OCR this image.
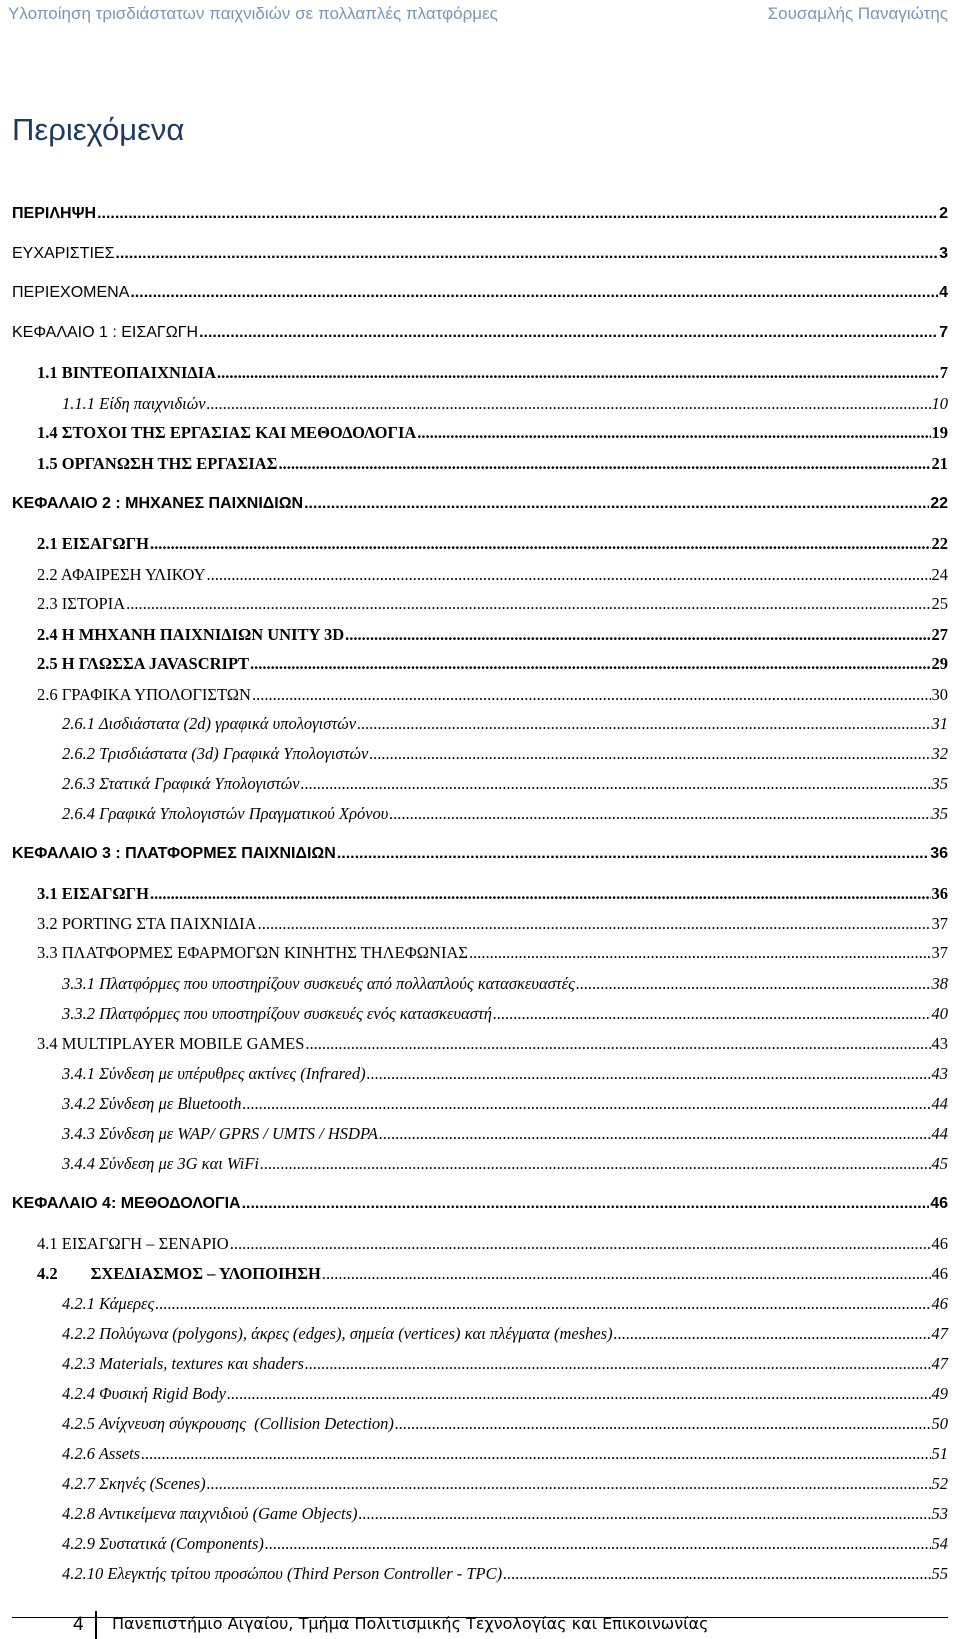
Υλοποίηση τρισδιάστατων παιχνιδιών σε πολλαπλές πλατφόρμες	Σουσαμλής Παναγιώτης
Περιεχόμενα
ΠΕΡΙΛΗΨΗ .....	2
ΕΥΧΑΡΙΣΤΙΕΣ .....	3
ΠΕΡΙΕΧΟΜΕΝΑ .....	4
ΚΕΦΑΛΑΙΟ 1 : ΕΙΣΑΓΩΓΗ .....	7
1.1 ΒΙΝΤΕΟΠΑΙΧΝΙΔΙΑ .....	7
1.1.1 Είδη παιχνιδιών .....	10
1.4 ΣΤΟΧΟΙ ΤΗΣ ΕΡΓΑΣΙΑΣ ΚΑΙ ΜΕΘΟΔΟΛΟΓΙΑ .....	19
1.5 ΟΡΓΑΝΩΣΗ ΤΗΣ ΕΡΓΑΣΙΑΣ .....	21
ΚΕΦΑΛΑΙΟ 2 : ΜΗΧΑΝΕΣ ΠΑΙΧΝΙΔΙΩΝ .....	22
2.1 ΕΙΣΑΓΩΓΗ .....	22
2.2 ΑΦΑΙΡΕΣΗ ΥΛΙΚΟΥ .....	24
2.3 ΙΣΤΟΡΙΑ .....	25
2.4 Η ΜΗΧΑΝΗ ΠΑΙΧΝΙΔΙΩΝ UNITY 3D .....	27
2.5 Η ΓΛΩΣΣΑ JAVASCRIPT .....	29
2.6 ΓΡΑΦΙΚΑ ΥΠΟΛΟΓΙΣΤΩΝ .....	30
2.6.1 Δισδιάστατα (2d) γραφικά υπολογιστών .....	31
2.6.2 Τρισδιάστατα (3d) Γραφικά Υπολογιστών .....	32
2.6.3 Στατικά Γραφικά Υπολογιστών .....	35
2.6.4 Γραφικά Υπολογιστών Πραγματικού Χρόνου .....	35
ΚΕΦΑΛΑΙΟ 3 : ΠΛΑΤΦΟΡΜΕΣ ΠΑΙΧΝΙΔΙΩΝ .....	36
3.1 ΕΙΣΑΓΩΓΗ .....	36
3.2 PORTING ΣΤΑ ΠΑΙΧΝΙΔΙΑ .....	37
3.3 ΠΛΑΤΦΟΡΜΕΣ ΕΦΑΡΜΟΓΩΝ ΚΙΝΗΤΗΣ ΤΗΛΕΦΩΝΙΑΣ .....	37
3.3.1 Πλατφόρμες που υποστηρίζουν συσκευές από πολλαπλούς κατασκευαστές .....	38
3.3.2 Πλατφόρμες που υποστηρίζουν συσκευές ενός κατασκευαστή .....	40
3.4 MULTIPLAYER MOBILE GAMES .....	43
3.4.1 Σύνδεση με υπέρυθρες ακτίνες (Infrared) .....	43
3.4.2 Σύνδεση με Bluetooth .....	44
3.4.3 Σύνδεση με WAP/ GPRS / UMTS / HSDPA .....	44
3.4.4 Σύνδεση με 3G και WiFi .....	45
ΚΕΦΑΛΑΙΟ 4: ΜΕΘΟΔΟΛΟΓΙΑ .....	46
4.1 ΕΙΣΑΓΩΓΗ – ΣΕΝΑΡΙΟ .....	46
4.2        ΣΧΕΔΙΑΣΜΟΣ – ΥΛΟΠΟΙΗΣΗ .....	46
4.2.1 Κάμερες .....	46
4.2.2 Πολύγωνα (polygons), άκρες (edges), σημεία (vertices) και πλέγματα (meshes) .....	47
4.2.3 Materials, textures και shaders .....	47
4.2.4 Φυσική Rigid Body .....	49
4.2.5 Ανίχνευση σύγκρουσης  (Collision Detection) .....	50
4.2.6 Assets .....	51
4.2.7 Σκηνές (Scenes) .....	52
4.2.8 Αντικείμενα παιχνιδιού (Game Objects) .....	53
4.2.9 Συστατικά (Components) .....	54
4.2.10 Ελεγκτής τρίτου προσώπου (Third Person Controller - TPC) .....	55
4 Πανεπιστήμιο Αιγαίου, Τμήμα Πολιτισμικής Τεχνολογίας και Επικοινωνίας
